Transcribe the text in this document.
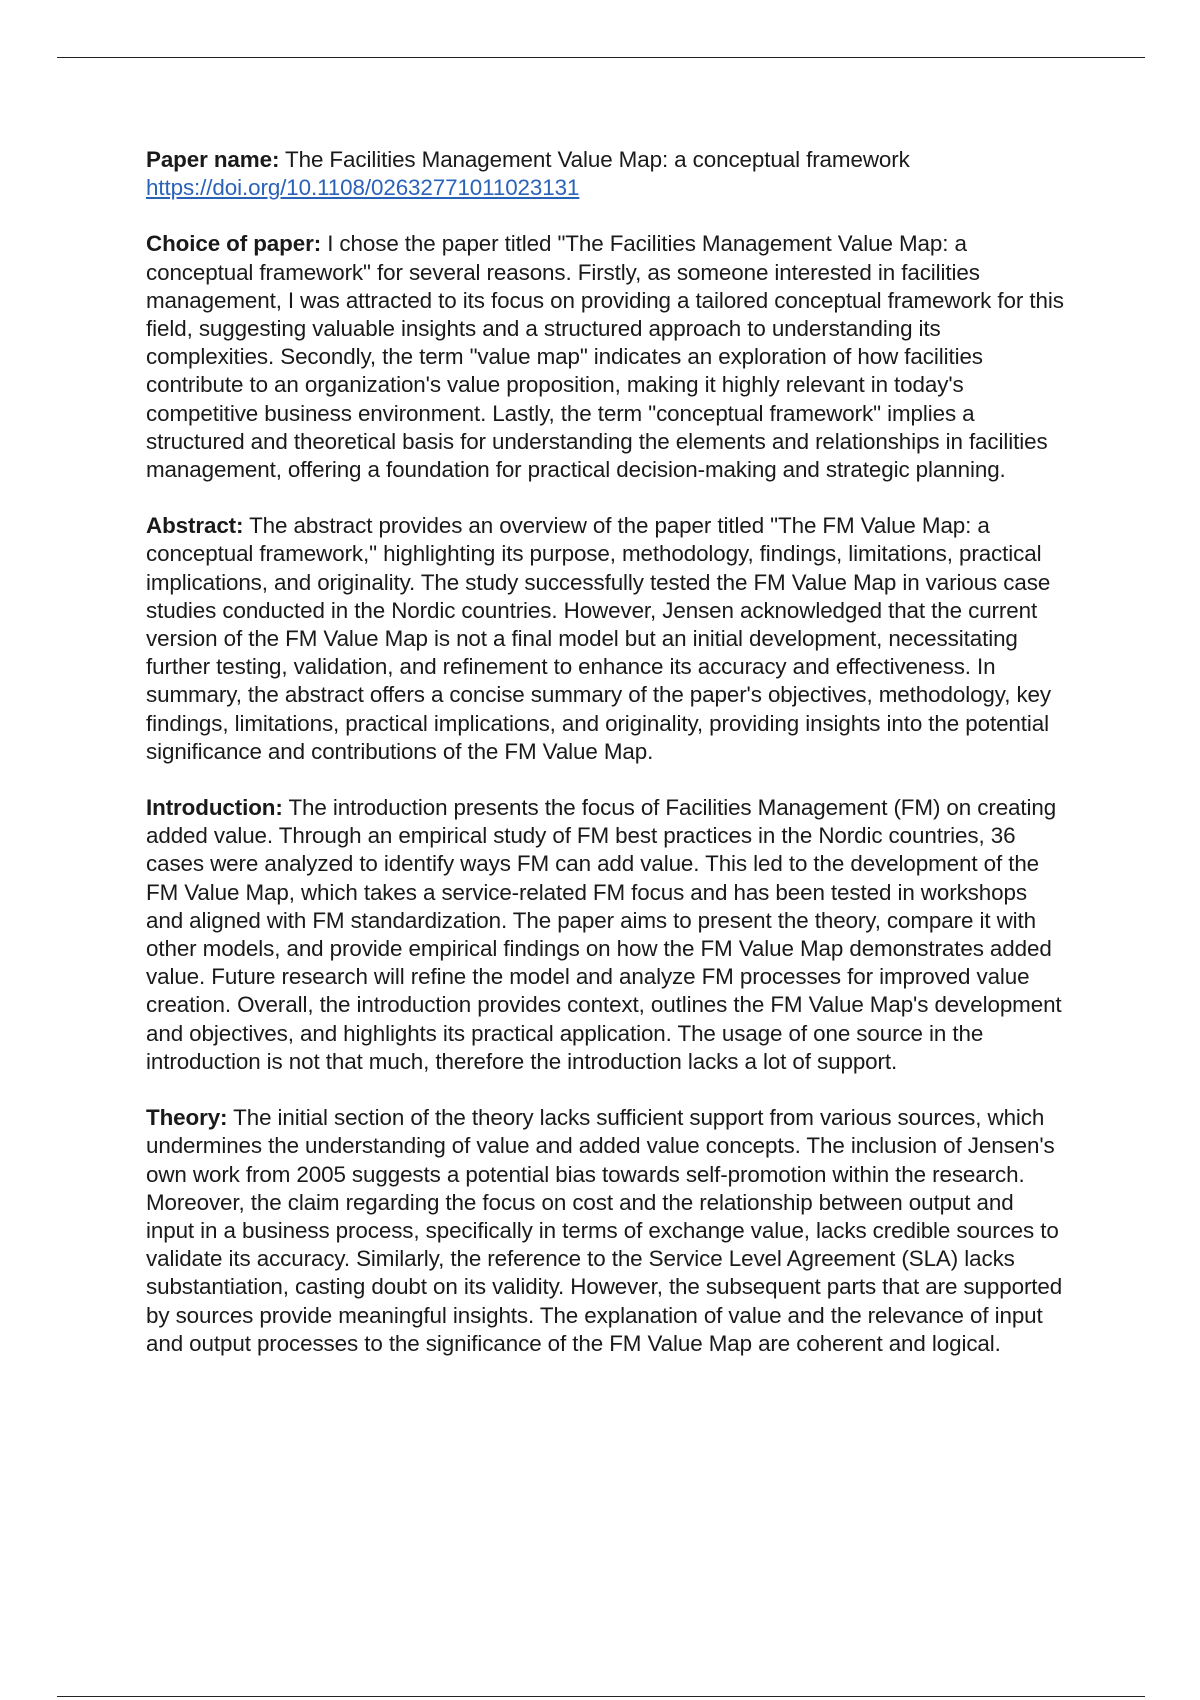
Paper name: The Facilities Management Value Map: a conceptual framework
https://doi.org/10.1108/02632771011023131

Choice of paper: I chose the paper titled "The Facilities Management Value Map: a conceptual framework" for several reasons. Firstly, as someone interested in facilities management, I was attracted to its focus on providing a tailored conceptual framework for this field, suggesting valuable insights and a structured approach to understanding its complexities. Secondly, the term "value map" indicates an exploration of how facilities contribute to an organization's value proposition, making it highly relevant in today's competitive business environment. Lastly, the term "conceptual framework" implies a structured and theoretical basis for understanding the elements and relationships in facilities management, offering a foundation for practical decision-making and strategic planning.

Abstract: The abstract provides an overview of the paper titled "The FM Value Map: a conceptual framework," highlighting its purpose, methodology, findings, limitations, practical implications, and originality. The study successfully tested the FM Value Map in various case studies conducted in the Nordic countries. However, Jensen acknowledged that the current version of the FM Value Map is not a final model but an initial development, necessitating further testing, validation, and refinement to enhance its accuracy and effectiveness. In summary, the abstract offers a concise summary of the paper's objectives, methodology, key findings, limitations, practical implications, and originality, providing insights into the potential significance and contributions of the FM Value Map.

Introduction: The introduction presents the focus of Facilities Management (FM) on creating added value. Through an empirical study of FM best practices in the Nordic countries, 36 cases were analyzed to identify ways FM can add value. This led to the development of the FM Value Map, which takes a service-related FM focus and has been tested in workshops and aligned with FM standardization. The paper aims to present the theory, compare it with other models, and provide empirical findings on how the FM Value Map demonstrates added value. Future research will refine the model and analyze FM processes for improved value creation. Overall, the introduction provides context, outlines the FM Value Map's development and objectives, and highlights its practical application. The usage of one source in the introduction is not that much, therefore the introduction lacks a lot of support.

Theory: The initial section of the theory lacks sufficient support from various sources, which undermines the understanding of value and added value concepts. The inclusion of Jensen's own work from 2005 suggests a potential bias towards self-promotion within the research. Moreover, the claim regarding the focus on cost and the relationship between output and input in a business process, specifically in terms of exchange value, lacks credible sources to validate its accuracy. Similarly, the reference to the Service Level Agreement (SLA) lacks substantiation, casting doubt on its validity. However, the subsequent parts that are supported by sources provide meaningful insights. The explanation of value and the relevance of input and output processes to the significance of the FM Value Map are coherent and logical.
